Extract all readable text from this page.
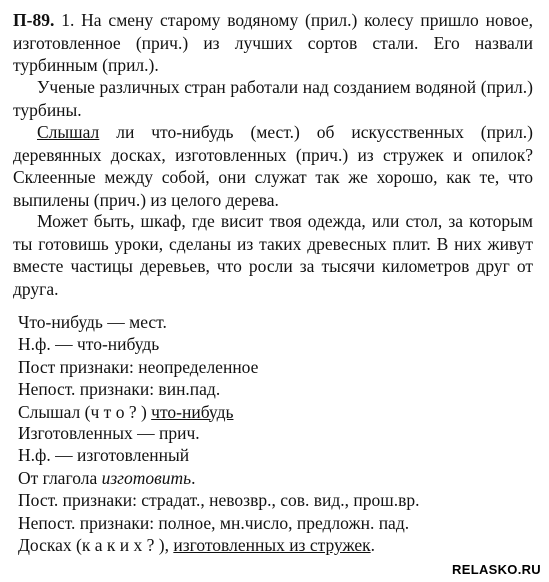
П-89. 1. На смену старому водяному (прил.) колесу пришло новое, изготовленное (прич.) из лучших сортов стали. Его назвали турбинным (прил.).

Ученые различных стран работали над созданием водяной (прил.) турбины.

Слышал ли что-нибудь (мест.) об искусственных (прил.) деревянных досках, изготовленных (прич.) из стружек и опилок? Склеенные между собой, они служат так же хорошо, как те, что выпилены (прич.) из целого дерева.

Может быть, шкаф, где висит твоя одежда, или стол, за которым ты готовишь уроки, сделаны из таких древесных плит. В них живут вместе частицы деревьев, что росли за тысячи километров друг от друга.

Что-нибудь — мест.
Н.ф. — что-нибудь
Пост признаки: неопределенное
Непост. признаки: вин.пад.
Слышал (ч т о ? ) что-нибудь
Изготовленных — прич.
Н.ф. — изготовленный
От глагола изготовить.
Пост. признаки: страдат., невозвр., сов. вид., прош.вр.
Непост. признаки: полное, мн.число, предложн. пад.
Досках (к а к и х ? ), изготовленных из стружек.
RELASKO.RU
